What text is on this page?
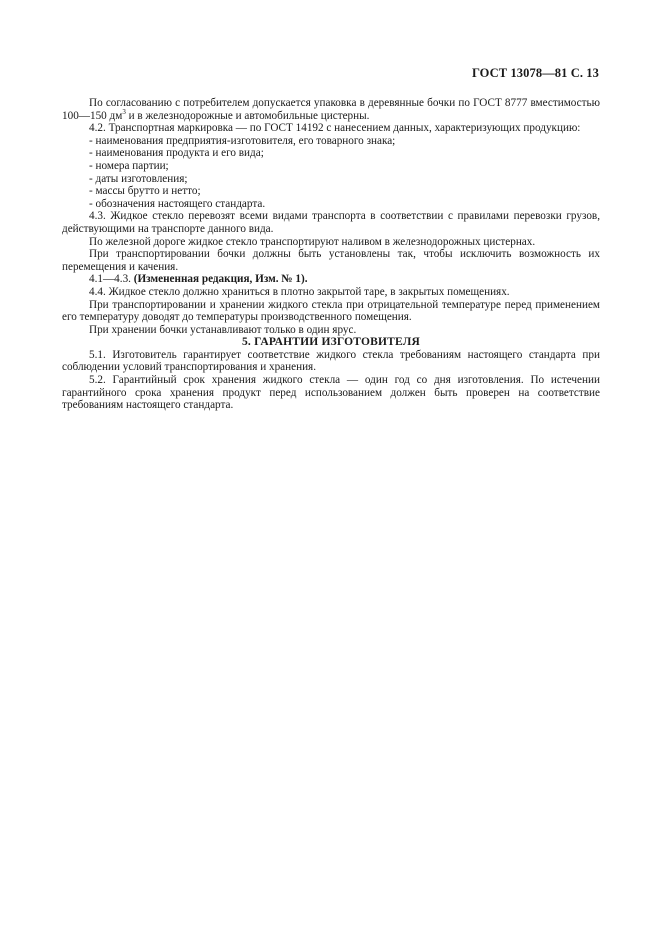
ГОСТ 13078—81 С. 13

По согласованию с потребителем допускается упаковка в деревянные бочки по ГОСТ 8777 вместимостью 100—150 $дм^3$ и в железнодорожные и автомобильные цистерны.

4.2. Транспортная маркировка — по ГОСТ 14192 с нанесением данных, характеризующих продукцию:

- наименования предприятия-изготовителя, его товарного знака;

- наименования продукта и его вида;

- номера партии;

- даты изготовления;

- массы брутто и нетто;

- обозначения настоящего стандарта.

4.3. Жидкое стекло перевозят всеми видами транспорта в соответствии с правилами перевозки грузов, действующими на транспорте данного вида.

По железной дороге жидкое стекло транспортируют наливом в железнодорожных цистернах.

При транспортировании бочки должны быть установлены так, чтобы исключить возможность их перемещения и качения.

4.1—4.3. (Измененная редакция, Изм. № 1).

4.4. Жидкое стекло должно храниться в плотно закрытой таре, в закрытых помещениях.

При транспортировании и хранении жидкого стекла при отрицательной температуре перед применением его температуру доводят до температуры производственного помещения.

При хранении бочки устанавливают только в один ярус.

5. ГАРАНТИИ ИЗГОТОВИТЕЛЯ

5.1. Изготовитель гарантирует соответствие жидкого стекла требованиям настоящего стандарта при соблюдении условий транспортирования и хранения.

5.2. Гарантийный срок хранения жидкого стекла — один год со дня изготовления. По истечении гарантийного срока хранения продукт перед использованием должен быть проверен на соответствие требованиям настоящего стандарта.
